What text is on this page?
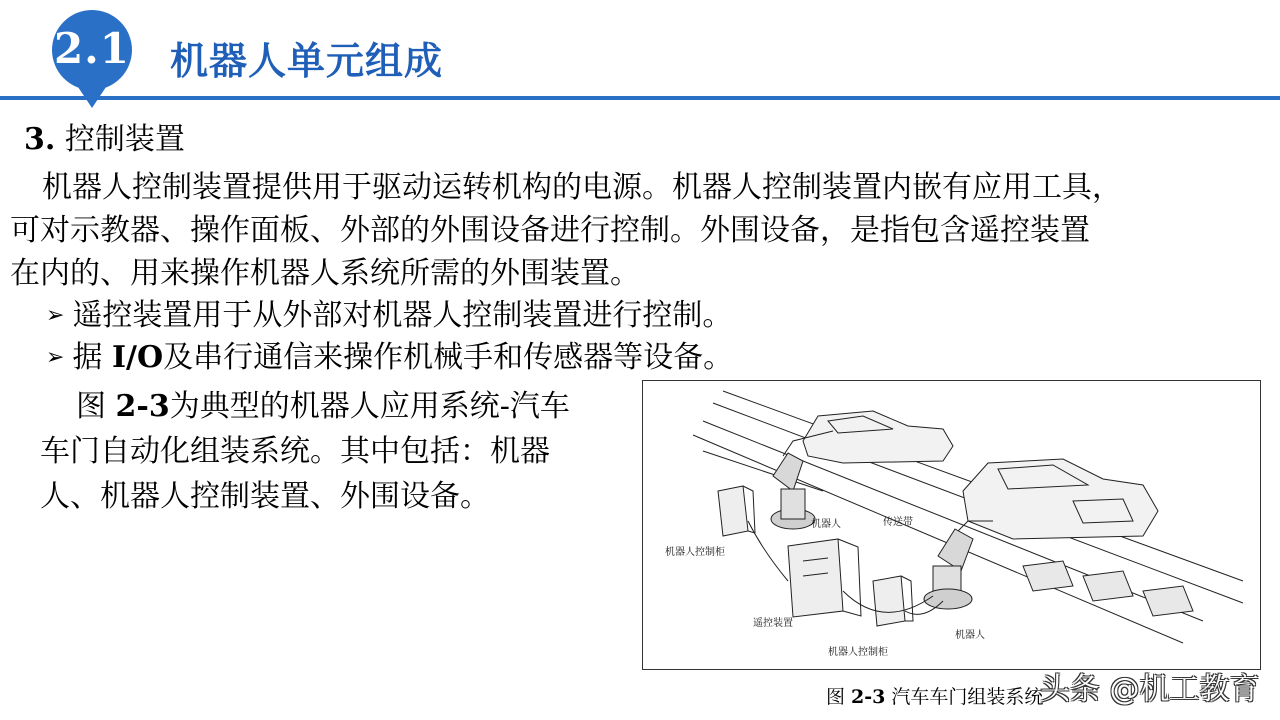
2.1 机器人单元组成
3. 控制装置
机器人控制装置提供用于驱动运转机构的电源。机器人控制装置内嵌有应用工具，
可对示教器、操作面板、外部的外围设备进行控制。外围设备，是指包含遥控装置
在内的、用来操作机器人系统所需的外围装置。
➢ 遥控装置用于从外部对机器人控制装置进行控制。
➢ 据 I/O及串行通信来操作机械手和传感器等设备。
图 2-3为典型的机器人应用系统-汽车
车门自动化组装系统。其中包括：机器
人、机器人控制装置、外围设备。
机器人	传送带
机器人控制柜
遥控装置
机器人控制柜
机器人
图 2-3 汽车车门组装系统
头条 @机工教育
